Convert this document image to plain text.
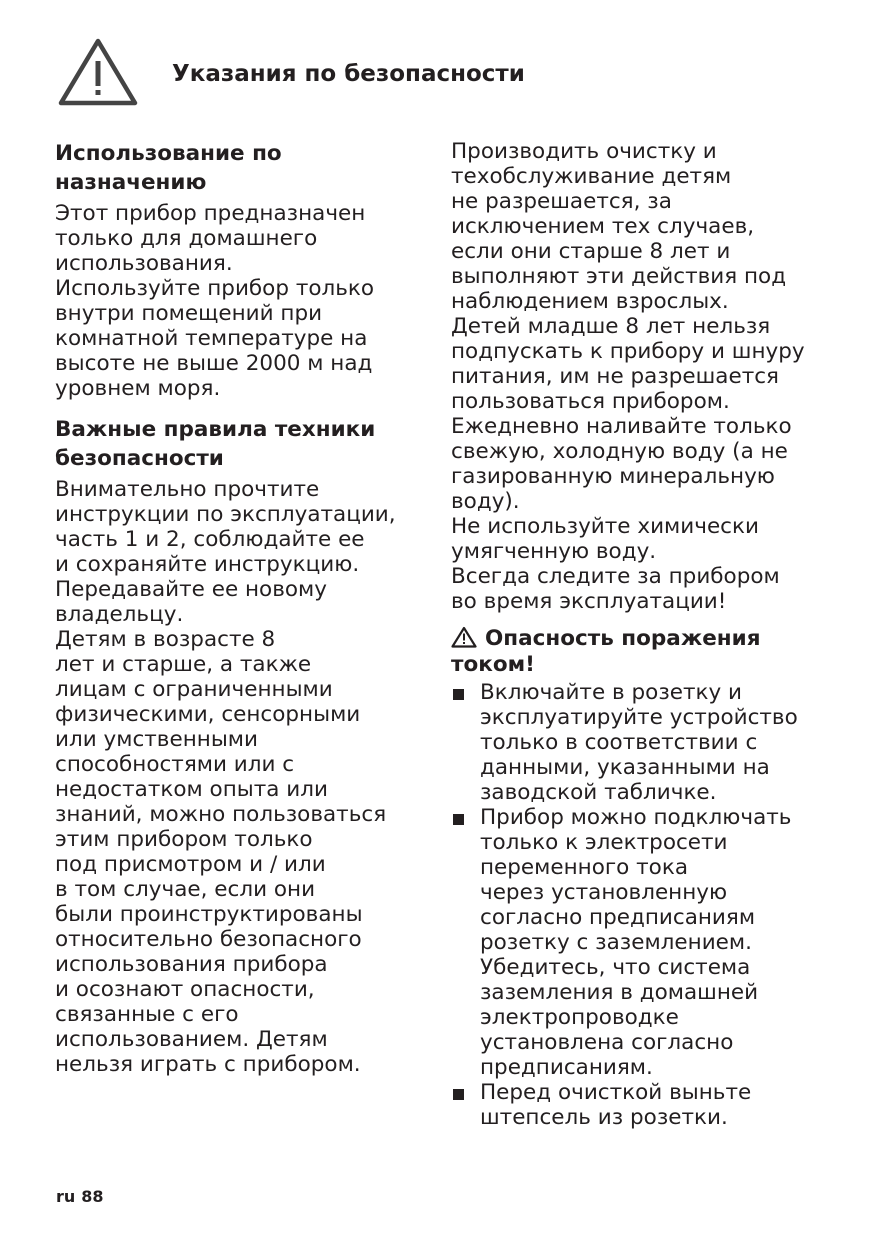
Указания по безопасности
Использование по
назначению

Этот прибор предназначен
только для домашнего
использования.
Используйте прибор только
внутри помещений при
комнатной температуре на
высоте не выше 2000 м над
уровнем моря.

Важные правила техники
безопасности

Внимательно прочтите
инструкции по эксплуатации,
часть 1 и 2, соблюдайте ее
и сохраняйте инструкцию.
Передавайте ее новому
владельцу.
Детям в возрасте 8
лет и старше, а также
лицам с ограниченными
физическими, сенсорными
или умственными
способностями или с
недостатком опыта или
знаний, можно пользоваться
этим прибором только
под присмотром и / или
в том случае, если они
были проинструктированы
относительно безопасного
использования прибора
и осознают опасности,
связанные с его
использованием. Детям
нельзя играть с прибором.

Производить очистку и
техобслуживание детям
не разрешается, за
исключением тех случаев,
если они старше 8 лет и
выполняют эти действия под
наблюдением взрослых.
Детей младше 8 лет нельзя
подпускать к прибору и шнуру
питания, им не разрешается
пользоваться прибором.
Ежедневно наливайте только
свежую, холодную воду (а не
газированную минеральную
воду).
Не используйте химически
умягченную воду.
Всегда следите за прибором
во время эксплуатации!

Опасность поражения
током!

Включайте в розетку и
эксплуатируйте устройство
только в соответствии с
данными, указанными на
заводской табличке.

Прибор можно подключать
только к электросети
переменного тока
через установленную
согласно предписаниям
розетку с заземлением.
Убедитесь, что система
заземления в домашней
электропроводке
установлена согласно
предписаниям.

Перед очисткой выньте
штепсель из розетки.

ru 88
